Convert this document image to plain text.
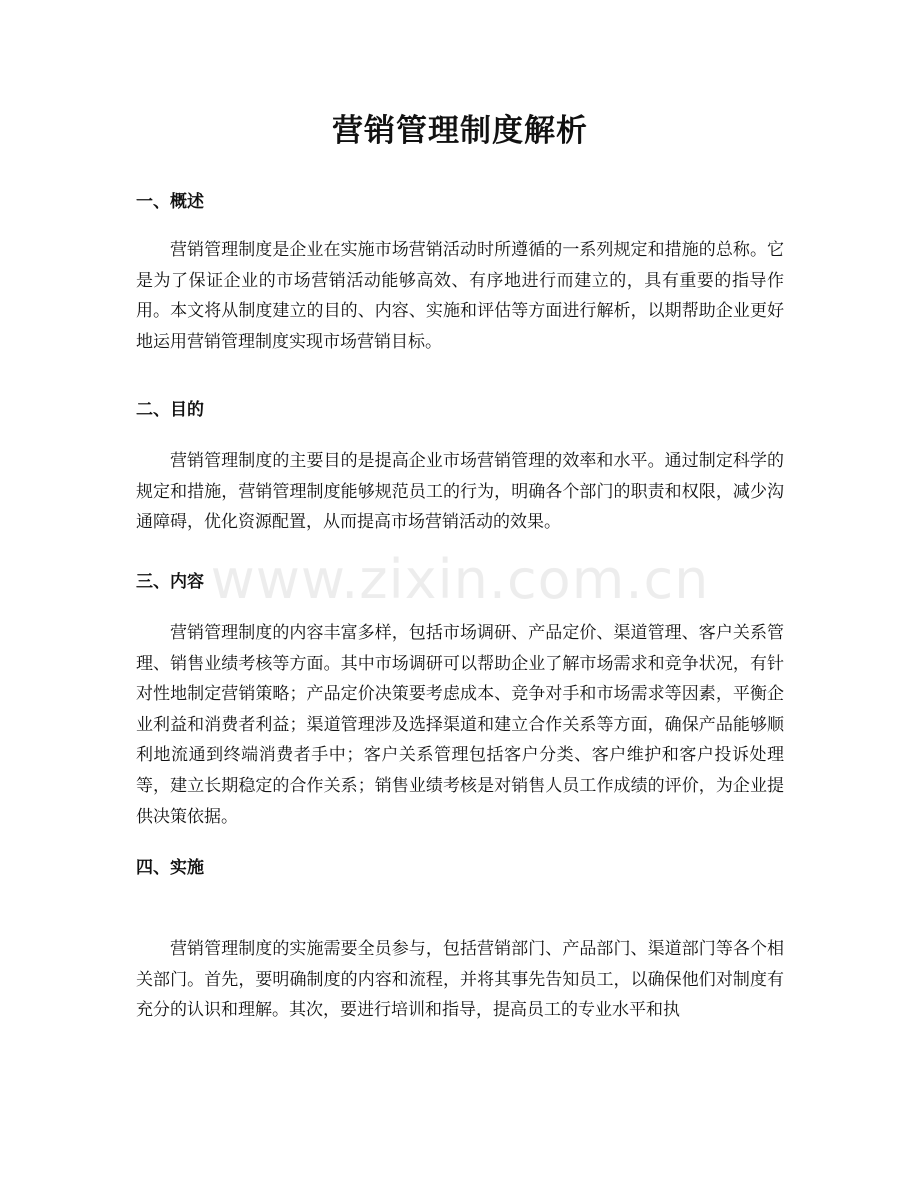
www.zixin.com.cn
营销管理制度解析
一、概述

营销管理制度是企业在实施市场营销活动时所遵循的一系列规定和措施的总称。它是为了保证企业的市场营销活动能够高效、有序地进行而建立的，具有重要的指导作用。本文将从制度建立的目的、内容、实施和评估等方面进行解析，以期帮助企业更好地运用营销管理制度实现市场营销目标。

二、目的

营销管理制度的主要目的是提高企业市场营销管理的效率和水平。通过制定科学的规定和措施，营销管理制度能够规范员工的行为，明确各个部门的职责和权限，减少沟通障碍，优化资源配置，从而提高市场营销活动的效果。

三、内容

营销管理制度的内容丰富多样，包括市场调研、产品定价、渠道管理、客户关系管理、销售业绩考核等方面。其中市场调研可以帮助企业了解市场需求和竞争状况，有针对性地制定营销策略；产品定价决策要考虑成本、竞争对手和市场需求等因素，平衡企业利益和消费者利益；渠道管理涉及选择渠道和建立合作关系等方面，确保产品能够顺利地流通到终端消费者手中；客户关系管理包括客户分类、客户维护和客户投诉处理等，建立长期稳定的合作关系；销售业绩考核是对销售人员工作成绩的评价，为企业提供决策依据。

四、实施

营销管理制度的实施需要全员参与，包括营销部门、产品部门、渠道部门等各个相关部门。首先，要明确制度的内容和流程，并将其事先告知员工，以确保他们对制度有充分的认识和理解。其次，要进行培训和指导，提高员工的专业水平和执
